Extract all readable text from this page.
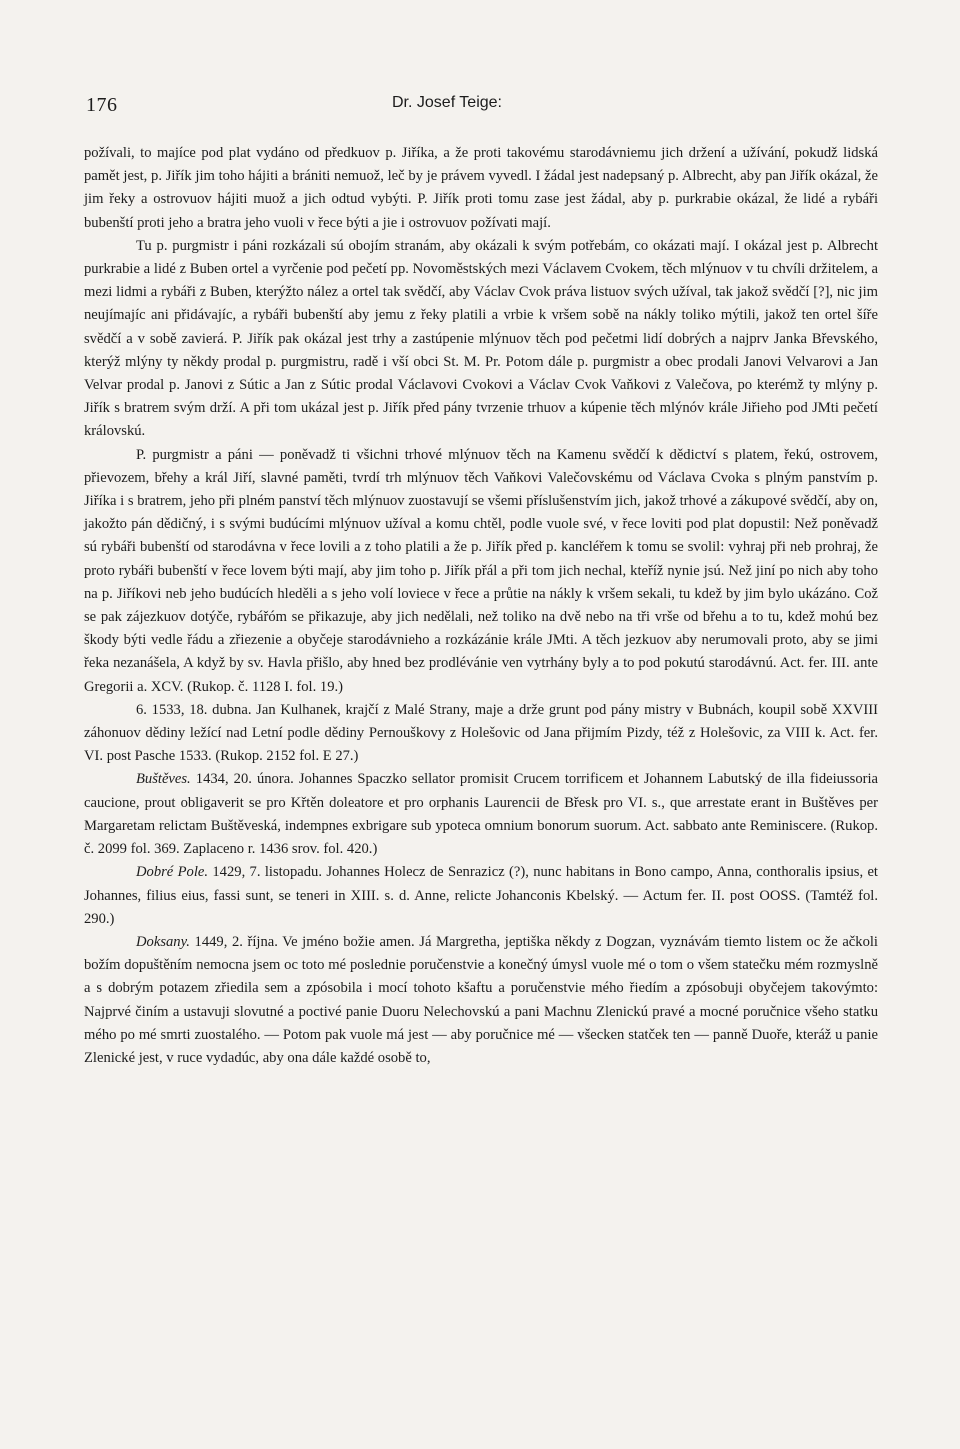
176	Dr. Josef Teige:

požívali, to majíce pod plat vydáno od předkuov p. Jiříka, a že proti takovému starodávniemu jich držení a užívání, pokudž lidská pamět jest, p. Jiřík jim toho hájiti a brániti nemuož, leč by je právem vyvedl. I žádal jest nadepsaný p. Albrecht, aby pan Jiřík okázal, že jim řeky a ostrovuov hájiti muož a jich odtud vybýti. P. Jiřík proti tomu zase jest žádal, aby p. purkrabie okázal, že lidé a rybáři bubenští proti jeho a bratra jeho vuoli v řece býti a jie i ostrovuov požívati mají.

Tu p. purgmistr i páni rozkázali sú obojím stranám, aby okázali k svým potřebám, co okázati mají. I okázal jest p. Albrecht purkrabie a lidé z Buben ortel a vyrčenie pod pečetí pp. Novoměstských mezi Václavem Cvokem, těch mlýnuov v tu chvíli držitelem, a mezi lidmi a rybáři z Buben, kterýžto nález a ortel tak svědčí, aby Václav Cvok práva listuov svých užíval, tak jakož svědčí [?], nic jim neujímajíc ani přidávajíc, a rybáři bubenští aby jemu z řeky platili a vrbie k vršem sobě na nákly toliko mýtili, jakož ten ortel šíře svědčí a v sobě zavierá. P. Jiřík pak okázal jest trhy a zastúpenie mlýnuov těch pod pečetmi lidí dobrých a najprv Janka Břevského, kterýž mlýny ty někdy prodal p. purgmistru, radě i vší obci St. M. Pr. Potom dále p. purgmistr a obec prodali Janovi Velvarovi a Jan Velvar prodal p. Janovi z Sútic a Jan z Sútic prodal Václavovi Cvokovi a Václav Cvok Vaňkovi z Valečova, po kterémž ty mlýny p. Jiřík s bratrem svým drží. A při tom ukázal jest p. Jiřík před pány tvrzenie trhuov a kúpenie těch mlýnóv krále Jiřieho pod JMti pečetí královskú.

P. purgmistr a páni — poněvadž ti všichni trhové mlýnuov těch na Kamenu svědčí k dědictví s platem, řekú, ostrovem, přievozem, břehy a král Jiří, slavné paměti, tvrdí trh mlýnuov těch Vaňkovi Valečovskému od Václava Cvoka s plným panstvím p. Jiříka i s bratrem, jeho při plném panství těch mlýnuov zuostavují se všemi příslušenstvím jich, jakož trhové a zákupové svědčí, aby on, jakožto pán dědičný, i s svými budúcími mlýnuov užíval a komu chtěl, podle vuole své, v řece loviti pod plat dopustil: Než poněvadž sú rybáři bubenští od starodávna v řece lovili a z toho platili a že p. Jiřík před p. kancléřem k tomu se svolil: vyhraj při neb prohraj, že proto rybáři bubenští v řece lovem býti mají, aby jim toho p. Jiřík přál a při tom jich nechal, kteříž nynie jsú. Než jiní po nich aby toho na p. Jiříkovi neb jeho budúcích hleděli a s jeho volí loviece v řece a průtie na nákly k vršem sekali, tu kdež by jim bylo ukázáno. Což se pak zájezkuov dotýče, rybářóm se přikazuje, aby jich nedělali, než toliko na dvě nebo na tři vrše od břehu a to tu, kdež mohú bez škody býti vedle řádu a zřiezenie a obyčeje starodávnieho a rozkázánie krále JMti. A těch jezkuov aby nerumovali proto, aby se jimi řeka nezanášela, A když by sv. Havla přišlo, aby hned bez prodlévánie ven vytrhány byly a to pod pokutú starodávnú. Act. fer. III. ante Gregorii a. XCV. (Rukop. č. 1128 I. fol. 19.)

6. 1533, 18. dubna. Jan Kulhanek, krajčí z Malé Strany, maje a drže grunt pod pány mistry v Bubnách, koupil sobě XXVIII záhonuov dědiny ležící nad Letní podle dědiny Pernouškovy z Holešovic od Jana přijmím Pizdy, též z Holešovic, za VIII k. Act. fer. VI. post Pasche 1533. (Rukop. 2152 fol. E 27.)

Buštěves. 1434, 20. února. Johannes Spaczko sellator promisit Crucem torrificem et Johannem Labutský de illa fideiussoria caucione, prout obligaverit se pro Křtěn doleatore et pro orphanis Laurencii de Břesk pro VI. s., que arrestate erant in Buštěves per Margaretam relictam Buštěveská, indempnes exbrigare sub ypoteca omnium bonorum suorum. Act. sabbato ante Reminiscere. (Rukop. č. 2099 fol. 369. Zaplaceno r. 1436 srov. fol. 420.)

Dobré Pole. 1429, 7. listopadu. Johannes Holecz de Senrazicz (?), nunc habitans in Bono campo, Anna, conthoralis ipsius, et Johannes, filius eius, fassi sunt, se teneri in XIII. s. d. Anne, relicte Johanconis Kbelský. — Actum fer. II. post OOSS. (Tamtéž fol. 290.)

Doksany. 1449, 2. října. Ve jméno božie amen. Já Margretha, jeptiška někdy z Dogzan, vyznávám tiemto listem oc že ačkoli božím dopuštěním nemocna jsem oc toto mé poslednie poručenstvie a konečný úmysl vuole mé o tom o všem statečku mém rozmyslně a s dobrým potazem zřiedila sem a zpósobila i mocí tohoto kšaftu a poručenstvie mého řiedím a zpósobuji obyčejem takovýmto: Najprvé činím a ustavuji slovutné a poctivé panie Duoru Nelechovskú a pani Machnu Zlenickú pravé a mocné poručnice všeho statku mého po mé smrti zuostalého. — Potom pak vuole má jest — aby poručnice mé — všecken statček ten — panně Duoře, kteráž u panie Zlenické jest, v ruce vydadúc, aby ona dále každé osobě to,
